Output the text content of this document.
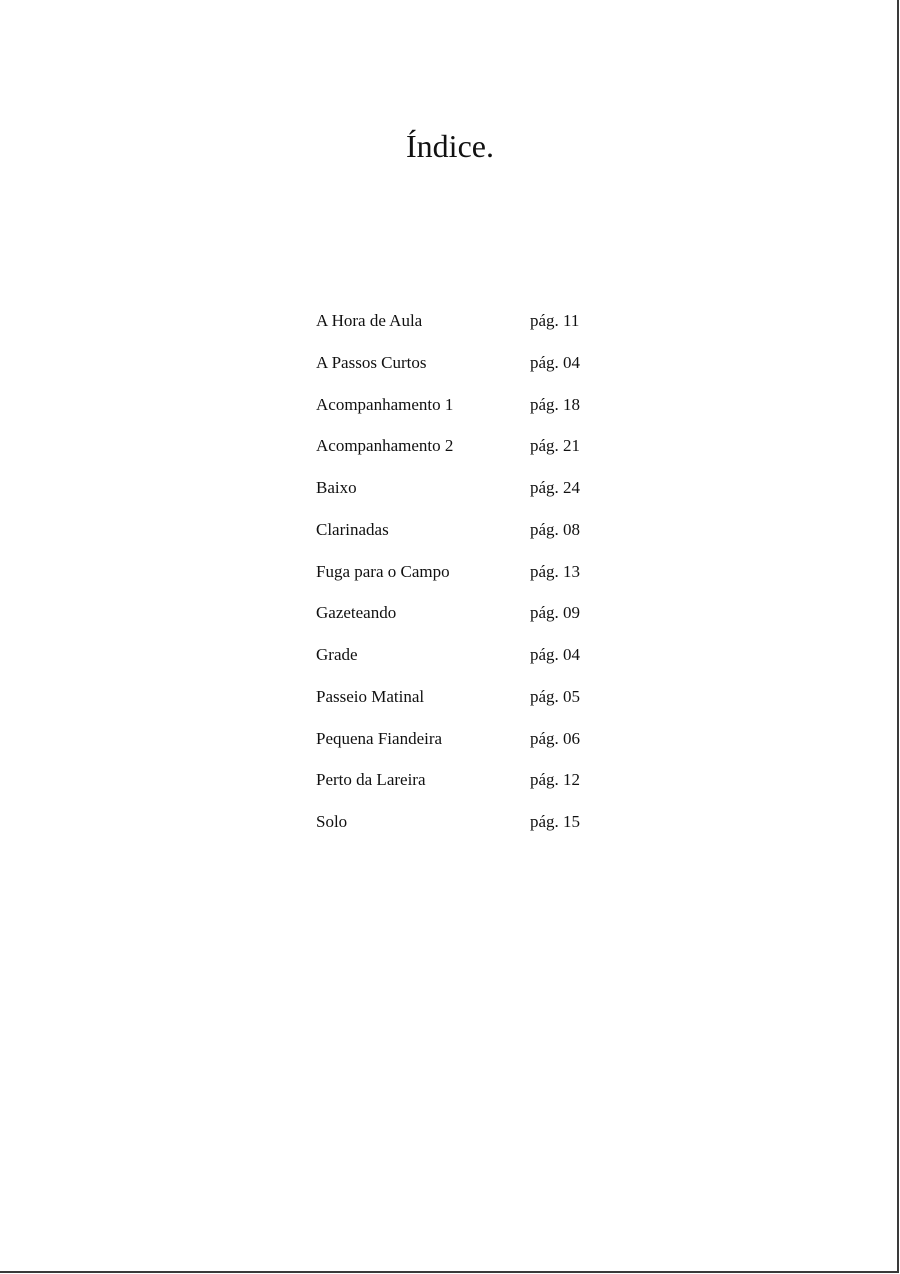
Índice.
A Hora de Aula	pág. 11
A Passos Curtos	pág. 04
Acompanhamento 1	pág. 18
Acompanhamento 2	pág. 21
Baixo	pág. 24
Clarinadas	pág. 08
Fuga para o Campo	pág. 13
Gazeteando	pág. 09
Grade	pág. 04
Passeio Matinal	pág. 05
Pequena Fiandeira	pág. 06
Perto da Lareira	pág. 12
Solo	pág. 15
